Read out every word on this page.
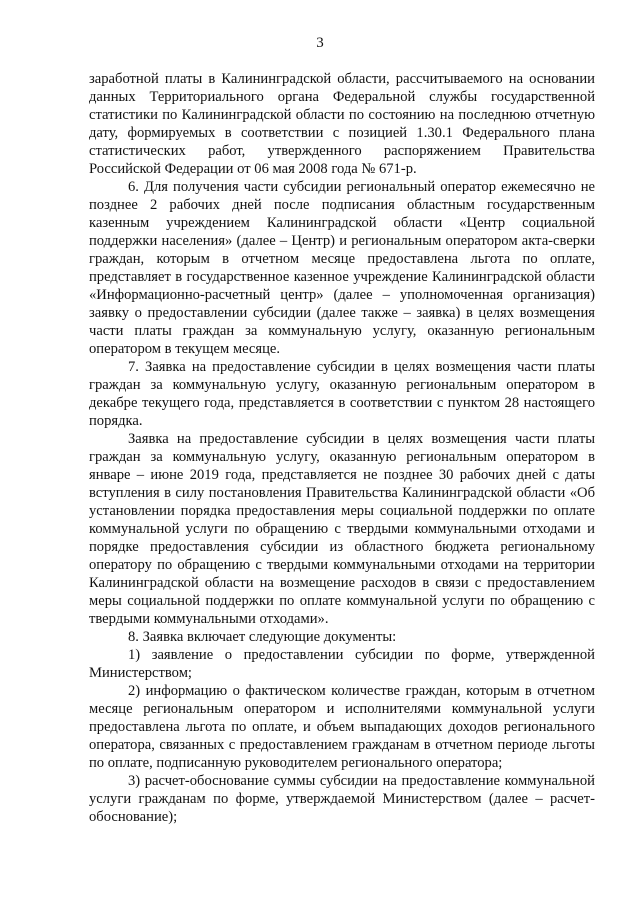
3

заработной платы в Калининградской области, рассчитываемого на основании данных Территориального органа Федеральной службы государственной статистики по Калининградской области по состоянию на последнюю отчетную дату, формируемых в соответствии с позицией 1.30.1 Федерального плана статистических работ, утвержденного распоряжением Правительства Российской Федерации от 06 мая 2008 года № 671-р.

6. Для получения части субсидии региональный оператор ежемесячно не позднее 2 рабочих дней после подписания областным государственным казенным учреждением Калининградской области «Центр социальной поддержки населения» (далее – Центр) и региональным оператором акта-сверки граждан, которым в отчетном месяце предоставлена льгота по оплате, представляет в государственное казенное учреждение Калининградской области «Информационно-расчетный центр» (далее – уполномоченная организация) заявку о предоставлении субсидии (далее также – заявка) в целях возмещения части платы граждан за коммунальную услугу, оказанную региональным оператором в текущем месяце.

7. Заявка на предоставление субсидии в целях возмещения части платы граждан за коммунальную услугу, оказанную региональным оператором в декабре текущего года, представляется в соответствии с пунктом 28 настоящего порядка.

Заявка на предоставление субсидии в целях возмещения части платы граждан за коммунальную услугу, оказанную региональным оператором в январе – июне 2019 года, представляется не позднее 30 рабочих дней с даты вступления в силу постановления Правительства Калининградской области «Об установлении порядка предоставления меры социальной поддержки по оплате коммунальной услуги по обращению с твердыми коммунальными отходами и порядке предоставления субсидии из областного бюджета региональному оператору по обращению с твердыми коммунальными отходами на территории Калининградской области на возмещение расходов в связи с предоставлением меры социальной поддержки по оплате коммунальной услуги по обращению с твердыми коммунальными отходами».

8. Заявка включает следующие документы:

1) заявление о предоставлении субсидии по форме, утвержденной Министерством;

2) информацию о фактическом количестве граждан, которым в отчетном месяце региональным оператором и исполнителями коммунальной услуги предоставлена льгота по оплате, и объем выпадающих доходов регионального оператора, связанных с предоставлением гражданам в отчетном периоде льготы по оплате, подписанную руководителем регионального оператора;

3) расчет-обоснование суммы субсидии на предоставление коммунальной услуги гражданам по форме, утверждаемой Министерством (далее – расчет-обоснование);
